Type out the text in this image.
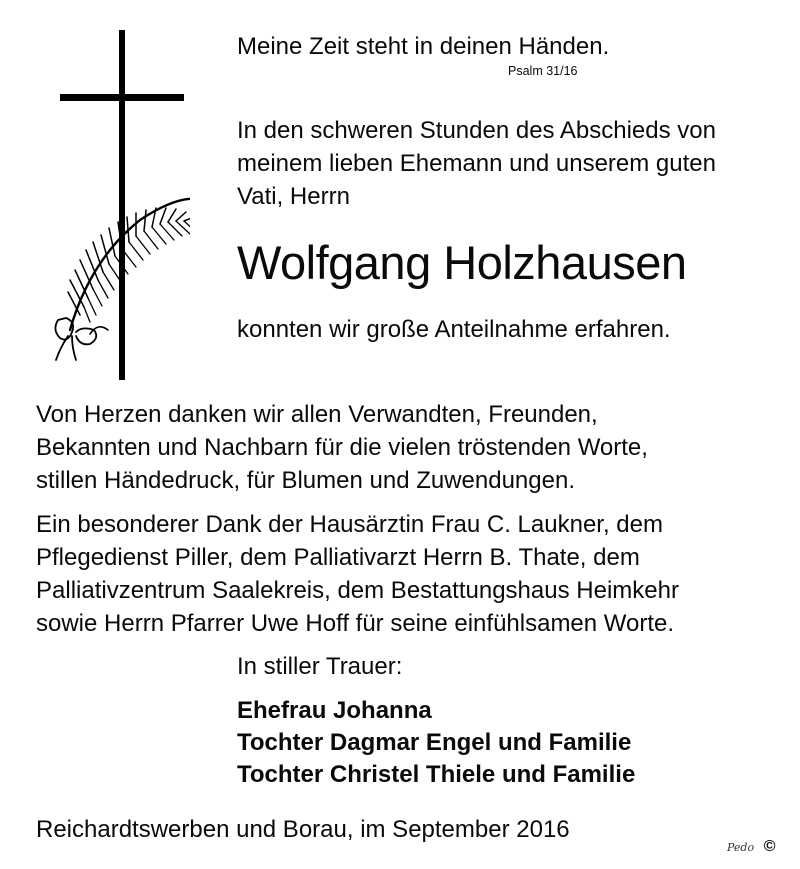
Meine Zeit steht in deinen Händen.
Psalm 31/16
In den schweren Stunden des Abschieds von
meinem lieben Ehemann und unserem guten
Vati, Herrn
Wolfgang Holzhausen
konnten wir große Anteilnahme erfahren.
Von Herzen danken wir allen Verwandten, Freunden,
Bekannten und Nachbarn für die vielen tröstenden Worte,
stillen Händedruck, für Blumen und Zuwendungen.
Ein besonderer Dank der Hausärztin Frau C. Laukner, dem
Pflegedienst Piller, dem Palliativarzt Herrn B. Thate, dem
Palliativzentrum Saalekreis, dem Bestattungshaus Heimkehr
sowie Herrn Pfarrer Uwe Hoff für seine einfühlsamen Worte.
In stiller Trauer:
Ehefrau Johanna
Tochter Dagmar Engel und Familie
Tochter Christel Thiele und Familie
Reichardtswerben und Borau, im September 2016
Pedo ©
